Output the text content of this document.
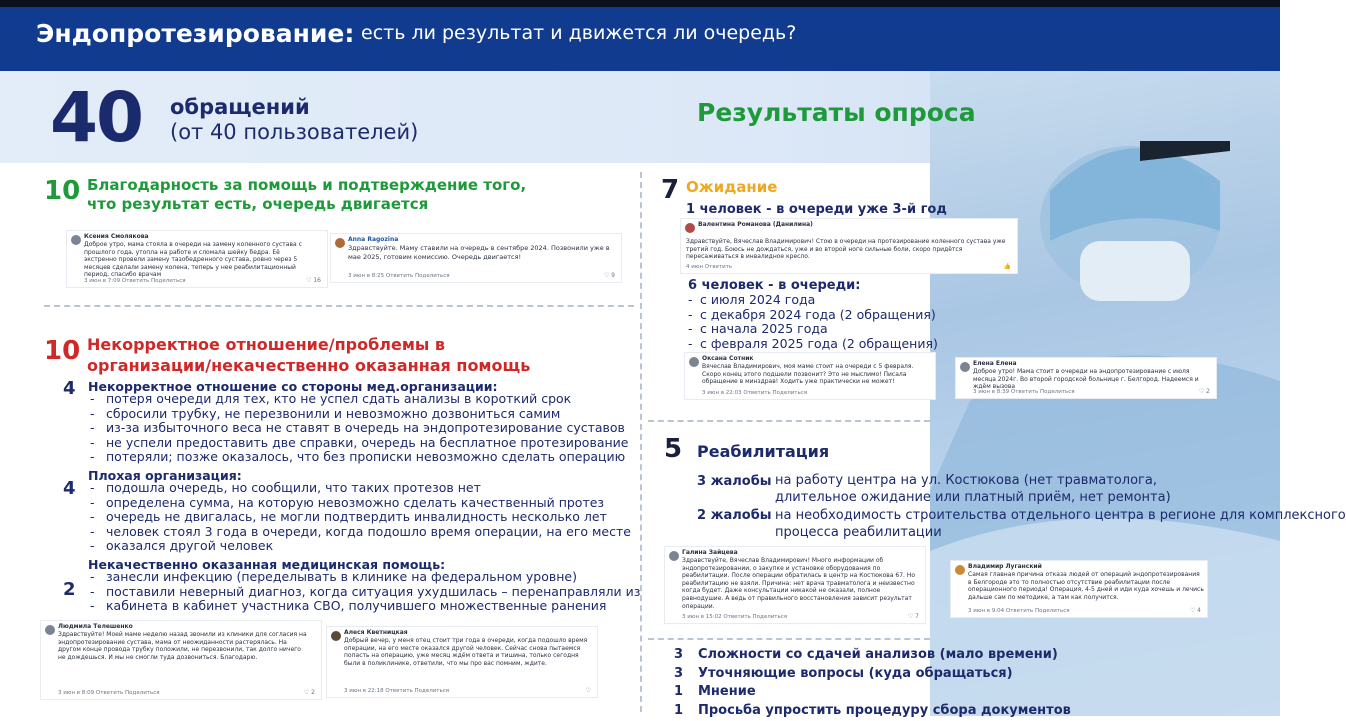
Эндопротезирование: есть ли результат и движется ли очередь?
40 обращений
(от 40 пользователей)
Результаты опроса
10 Благодарность за помощь и подтверждение того,
что результат есть, очередь двигается
Ксения Смолякова
Доброе утро, мама стояла в очереди на замену коленного сустава с прошлого года, утопла на работе и сломала шейку бедра. Её экстренно провели замену тазобедренного сустава, ровно через 5 месяцев сделали замену колена, теперь у нее реабилитационный период, спасибо врачам
3 июн в 7:09 Ответить Поделиться	♡ 16
Anna Ragozina
Здравствуйте. Маму ставили на очередь в сентябре 2024. Позвонили уже в мае 2025, готовим комиссию. Очередь двигается!
3 июн в 8:25 Ответить Поделиться	♡ 9
10 Некорректное отношение/проблемы в
организации/некачественно оказанная помощь
4 Некорректное отношение со стороны мед.организации:
- потеря очереди для тех, кто не успел сдать анализы в короткий срок
- сбросили трубку, не перезвонили и невозможно дозвониться самим
- из-за избыточного веса не ставят в очередь на эндопротезирование суставов
- не успели предоставить две справки, очередь на бесплатное протезирование
- потеряли; позже оказалось, что без прописки невозможно сделать операцию
4
Плохая организация:
- подошла очередь, но сообщили, что таких протезов нет
- определена сумма, на которую невозможно сделать качественный протез
- очередь не двигалась, не могли подтвердить инвалидность несколько лет
- человек стоял 3 года в очереди, когда подошло время операции, на его месте
- оказался другой человек
2
Некачественно оказанная медицинская помощь:
- занесли инфекцию (переделывать в клинике на федеральном уровне)
- поставили неверный диагноз, когда ситуация ухудшилась – перенаправляли из
- кабинета в кабинет участника СВО, получившего множественные ранения
Людмила Телешенко
Здравствуйте! Моей маме неделю назад звонили из клиники для согласия на эндопротезирование сустава, мама от неожиданности растерялась. На другом конце провода трубку положили, не перезвонили, так долго ничего не дождешься. И мы не смогли туда дозвониться. Благодарю.
3 июн в 8:09 Ответить Поделиться	♡ 2
Алеся Кветницкая
Добрый вечер, у меня отец стоит три года в очереди, когда подошло время операции, на его месте оказался другой человек. Сейчас снова пытаемся попасть на операцию, уже месяц ждём ответа и тишина, только сегодня были в поликлинике, ответили, что мы про вас помним, ждите.
3 июн в 22:18 Ответить Поделиться	♡
7 Ожидание
1 человек - в очереди уже 3-й год
Валентина Романова (Данилина)
Здравствуйте, Вячеслав Владимирович! Стою в очереди на протезирование коленного сустава уже третий год. Боюсь не дождаться, уже и во второй ноге сильные боли, скоро придётся пересаживаться в инвалидное кресло.
4 июн Ответить	👍
6 человек - в очереди:
- с июля 2024 года
- с декабря 2024 года (2 обращения)
- с начала 2025 года
- с февраля 2025 года (2 обращения)
Оксана Сотник
Вячеслав Владимирович, моя маме стоит на очереди с 5 февраля. Скоро конец этого подшели позвонит? Это не мыслимо! Писала обращение в минздрав! Ходить уже практически не может!
3 июн в 22:03 Ответить Поделиться
Елена Елена
Доброе утро! Мама стоит в очереди на эндопротезирование с июля месяца 2024г. Во второй городской больнице г. Белгород. Надеемся и ждём вызова
3 июн в 8:39 Ответить Поделиться	♡ 2
5 Реабилитация
3 жалобы на работу центра на ул. Костюкова (нет травматолога,
длительное ожидание или платный приём, нет ремонта)
2 жалобы на необходимость строительства отдельного центра в регионе для комплексного
процесса реабилитации
Галина Зайцева
Здравствуйте, Вячеслав Владимирович! Много информации об эндопротезировании, о закупке и установке оборудования по реабилитации. После операции обратилась в центр на Костюкова 67. Но реабилитацию не взяли. Причина: нет врача травматолога и неизвестно когда будет. Даже консультации никакой не оказали, полное равнодушие. А ведь от правильного восстановления зависит результат операции.
3 июн в 15:02 Ответить Поделиться	♡ 7
Владимир Луганский
Самая главная причина отказа людей от операций эндопротезирования в Белгороде это то полностью отсутствие реабилитации после операционного периода! Операция, 4-5 дней и иди куда хочешь и лечись дальше сам по методике, а там как получится.
3 июн в 9:04 Ответить Поделиться	♡ 4
3 Сложности со сдачей анализов (мало времени)
3 Уточняющие вопросы (куда обращаться)
1 Мнение
1 Просьба упростить процедуру сбора документов
